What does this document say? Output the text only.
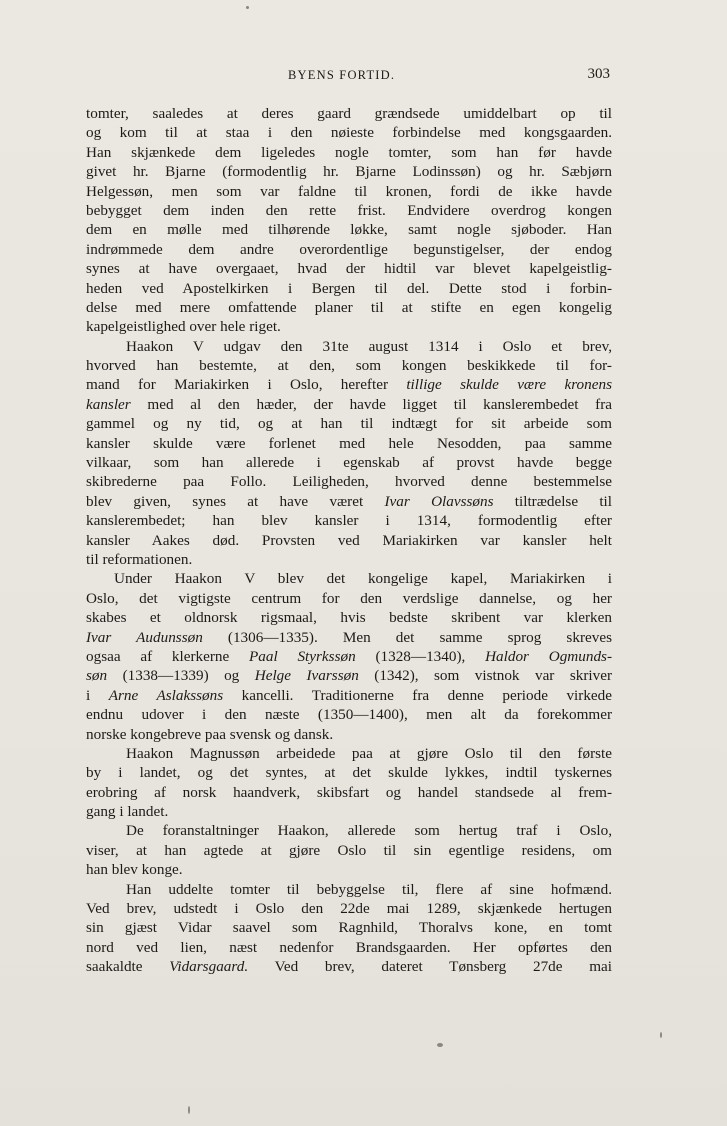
BYENS FORTID.	303
tomter, saaledes at deres gaard grændsede umiddelbart op til
og kom til at staa i den nøieste forbindelse med kongsgaarden.
Han skjænkede dem ligeledes nogle tomter, som han før havde
givet hr. Bjarne (formodentlig hr. Bjarne Lodinssøn) og hr. Sæbjørn
Helgessøn, men som var faldne til kronen, fordi de ikke havde
bebygget dem inden den rette frist. Endvidere overdrog kongen
dem en mølle med tilhørende løkke, samt nogle sjøboder. Han
indrømmede dem andre overordentlige begunstigelser, der endog
synes at have overgaaet, hvad der hidtil var blevet kapelgeistlig-
heden ved Apostelkirken i Bergen til del. Dette stod i forbin-
delse med mere omfattende planer til at stifte en egen kongelig
kapelgeistlighed over hele riget.
Haakon V udgav den 31te august 1314 i Oslo et brev,
hvorved han bestemte, at den, som kongen beskikkede til for-
mand for Mariakirken i Oslo, herefter tillige skulde være kronens
kansler med al den hæder, der havde ligget til kanslerembedet fra
gammel og ny tid, og at han til indtægt for sit arbeide som
kansler skulde være forlenet med hele Nesodden, paa samme
vilkaar, som han allerede i egenskab af provst havde begge
skibrederne paa Follo. Leiligheden, hvorved denne bestemmelse
blev given, synes at have været Ivar Olavssøns tiltrædelse til
kanslerembedet; han blev kansler i 1314, formodentlig efter
kansler Aakes død. Provsten ved Mariakirken var kansler helt
til reformationen.
Under Haakon V blev det kongelige kapel, Mariakirken i
Oslo, det vigtigste centrum for den verdslige dannelse, og her
skabes et oldnorsk rigsmaal, hvis bedste skribent var klerken
Ivar Audunssøn (1306—1335). Men det samme sprog skreves
ogsaa af klerkerne Paal Styrkssøn (1328—1340), Haldor Ogmunds-
søn (1338—1339) og Helge Ivarssøn (1342), som vistnok var skriver
i Arne Aslakssøns kancelli. Traditionerne fra denne periode virkede
endnu udover i den næste (1350—1400), men alt da forekommer
norske kongebreve paa svensk og dansk.
Haakon Magnussøn arbeidede paa at gjøre Oslo til den første
by i landet, og det syntes, at det skulde lykkes, indtil tyskernes
erobring af norsk haandverk, skibsfart og handel standsede al frem-
gang i landet.
De foranstaltninger Haakon, allerede som hertug traf i Oslo,
viser, at han agtede at gjøre Oslo til sin egentlige residens, om
han blev konge.
Han uddelte tomter til bebyggelse til, flere af sine hofmænd.
Ved brev, udstedt i Oslo den 22de mai 1289, skjænkede hertugen
sin gjæst Vidar saavel som Ragnhild, Thoralvs kone, en tomt
nord ved lien, næst nedenfor Brandsgaarden. Her opførtes den
saakaldte Vidarsgaard. Ved brev, dateret Tønsberg 27de mai
